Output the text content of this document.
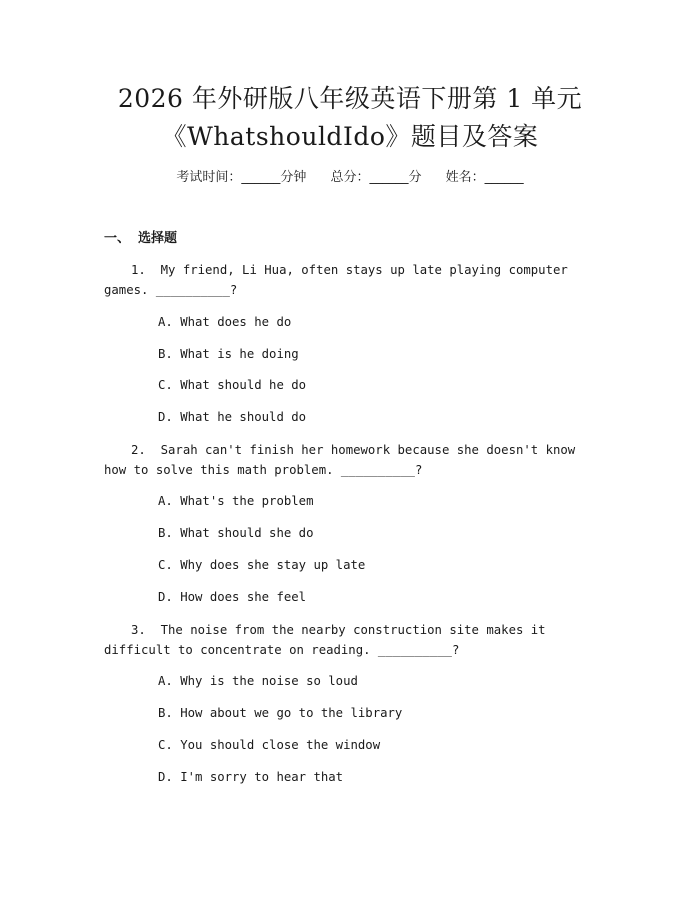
2026 年外研版八年级英语下册第 1 单元
《WhatshouldIdo》题目及答案
考试时间：______分钟 总分：______分 姓名：______
一、 选择题
1.  My friend, Li Hua, often stays up late playing computer games. __________?
A. What does he do
B. What is he doing
C. What should he do
D. What he should do
2.  Sarah can't finish her homework because she doesn't know how to solve this math problem. __________?
A. What's the problem
B. What should she do
C. Why does she stay up late
D. How does she feel
3.  The noise from the nearby construction site makes it difficult to concentrate on reading. __________?
A. Why is the noise so loud
B. How about we go to the library
C. You should close the window
D. I'm sorry to hear that
